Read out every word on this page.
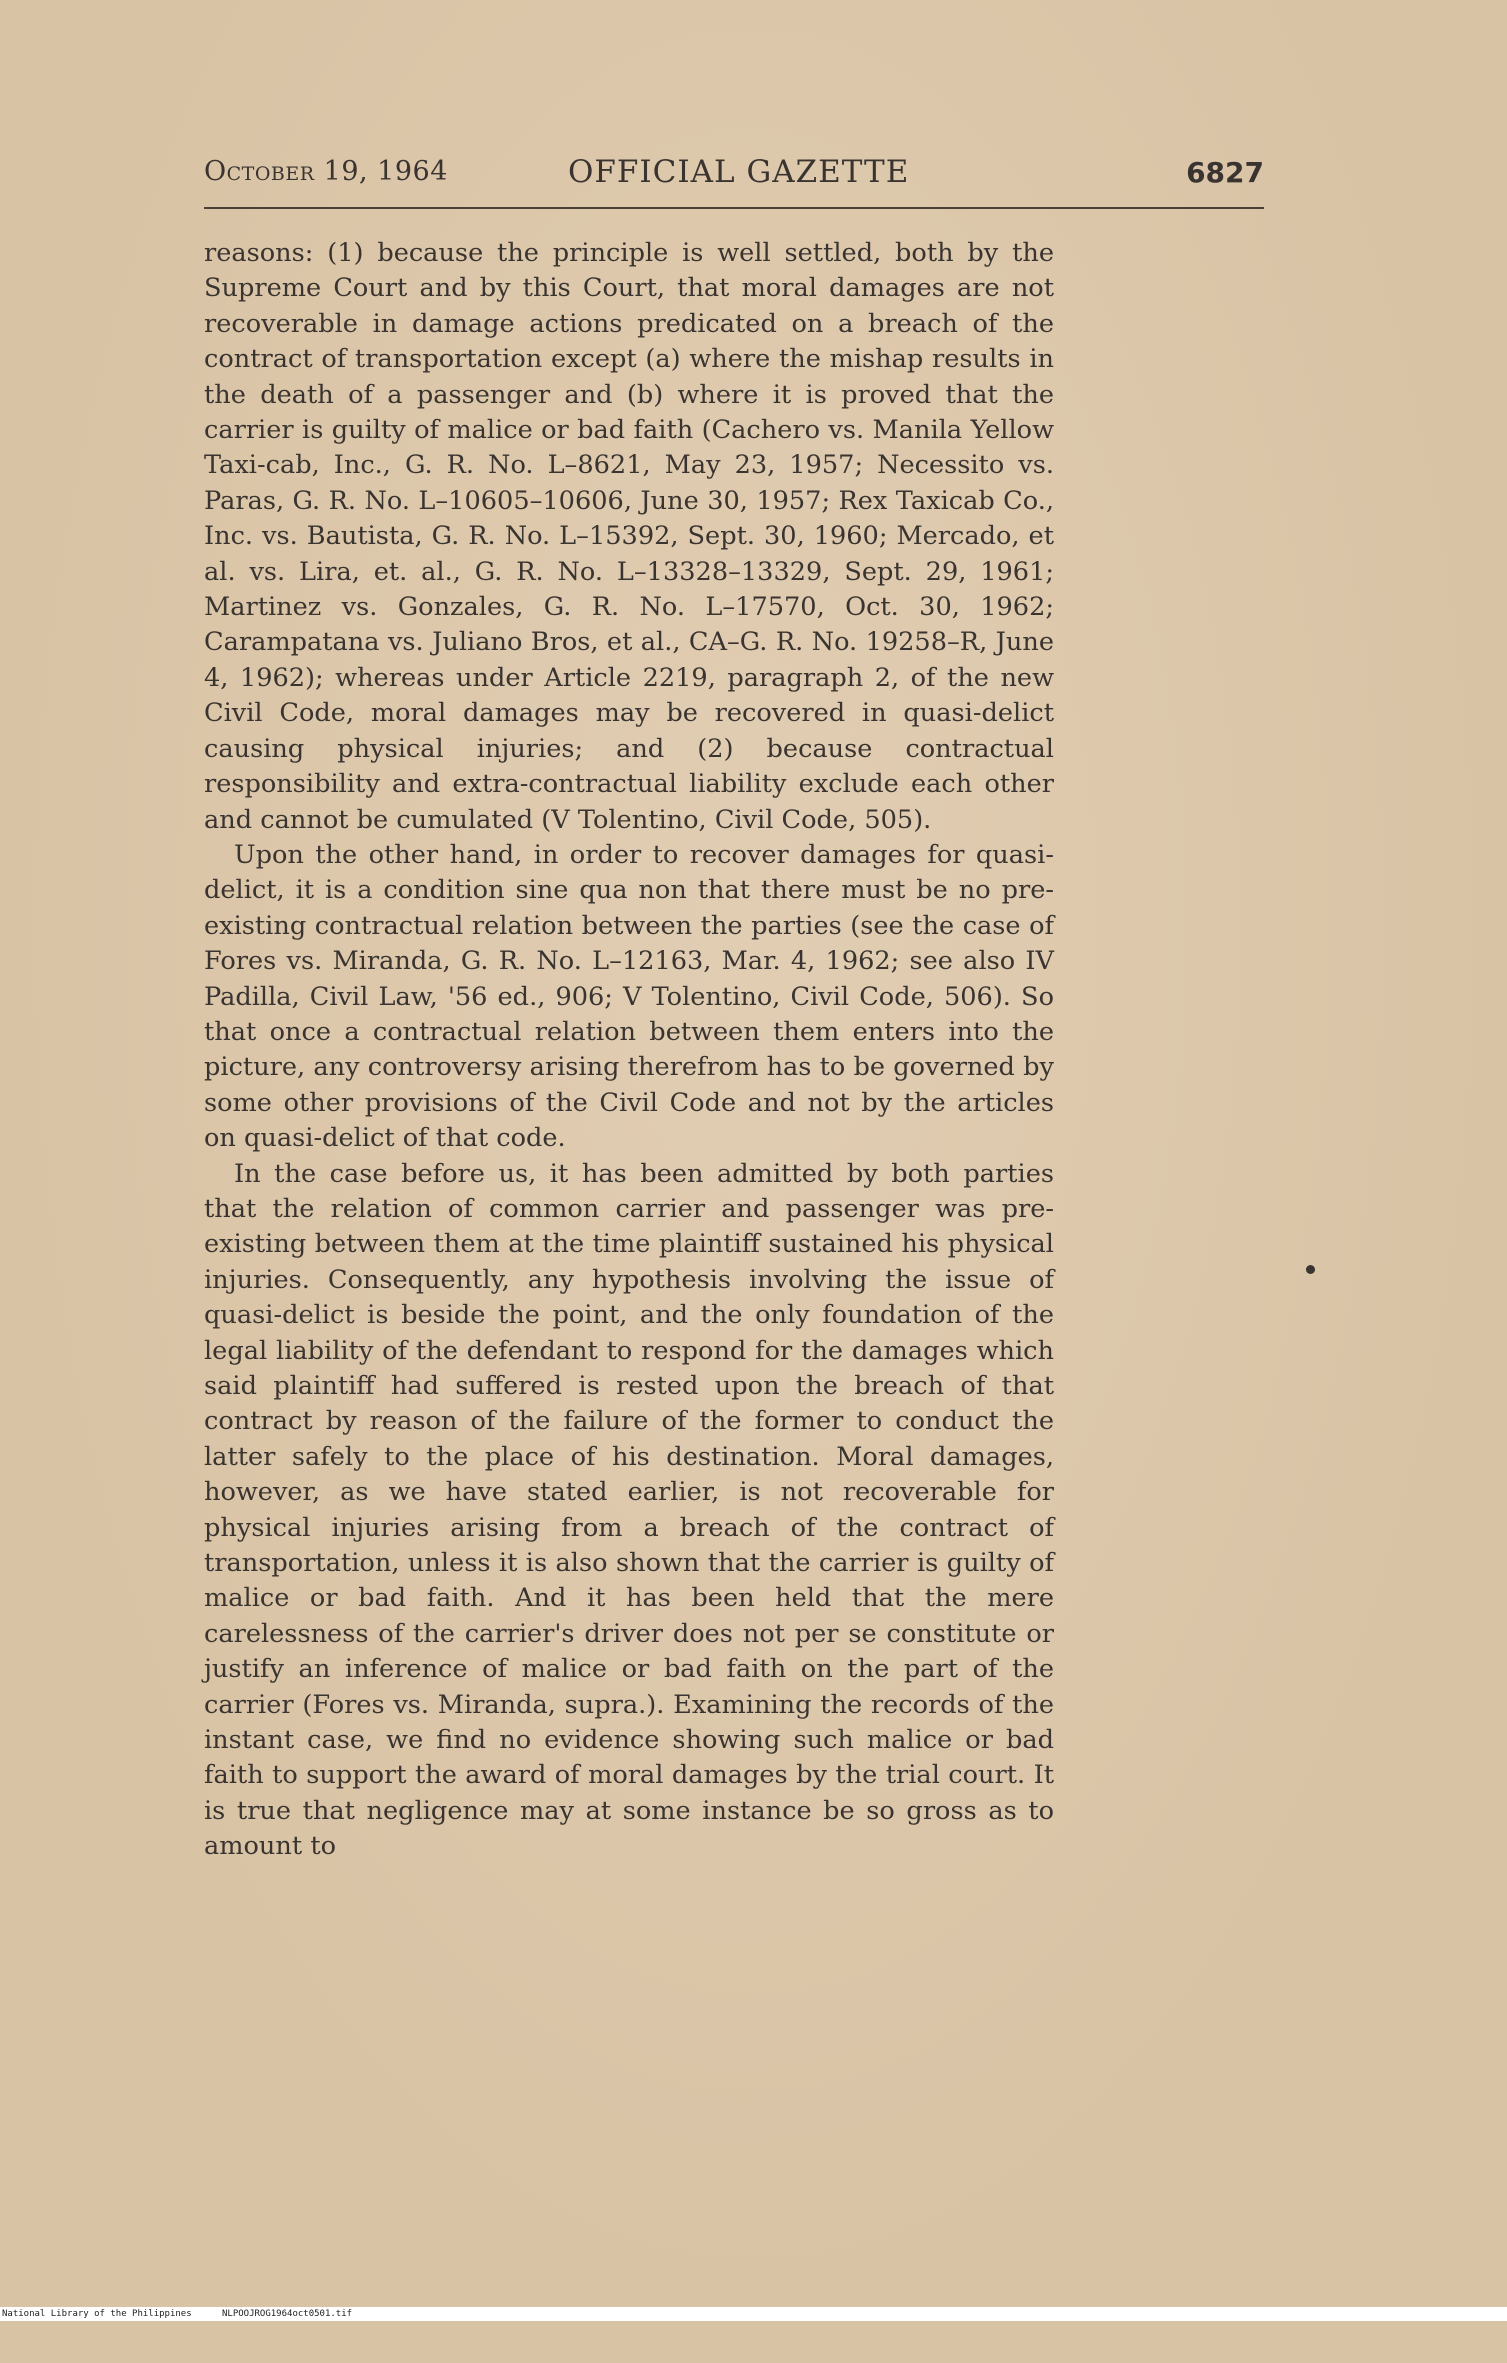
October 19, 1964	OFFICIAL GAZETTE	6827

reasons: (1) because the principle is well settled, both by the Supreme Court and by this Court, that moral damages are not recoverable in damage actions predicated on a breach of the contract of transportation except (a) where the mishap results in the death of a passenger and (b) where it is proved that the carrier is guilty of malice or bad faith (Cachero vs. Manila Yellow Taxi-cab, Inc., G. R. No. L–8621, May 23, 1957; Necessito vs. Paras, G. R. No. L–10605–10606, June 30, 1957; Rex Taxicab Co., Inc. vs. Bautista, G. R. No. L–15392, Sept. 30, 1960; Mercado, et al. vs. Lira, et. al., G. R. No. L–13328–13329, Sept. 29, 1961; Martinez vs. Gonzales, G. R. No. L–17570, Oct. 30, 1962; Carampatana vs. Juliano Bros, et al., CA–G. R. No. 19258–R, June 4, 1962); whereas under Article 2219, paragraph 2, of the new Civil Code, moral damages may be recovered in quasi-delict causing physical injuries; and (2) because contractual responsibility and extra-contractual liability exclude each other and cannot be cumulated (V Tolentino, Civil Code, 505).

Upon the other hand, in order to recover damages for quasi-delict, it is a condition sine qua non that there must be no pre-existing contractual relation between the parties (see the case of Fores vs. Miranda, G. R. No. L–12163, Mar. 4, 1962; see also IV Padilla, Civil Law, '56 ed., 906; V Tolentino, Civil Code, 506). So that once a contractual relation between them enters into the picture, any controversy arising therefrom has to be governed by some other provisions of the Civil Code and not by the articles on quasi-delict of that code.

In the case before us, it has been admitted by both parties that the relation of common carrier and passenger was pre-existing between them at the time plaintiff sustained his physical injuries. Consequently, any hypothesis involving the issue of quasi-delict is beside the point, and the only foundation of the legal liability of the defendant to respond for the damages which said plaintiff had suffered is rested upon the breach of that contract by reason of the failure of the former to conduct the latter safely to the place of his destination. Moral damages, however, as we have stated earlier, is not recoverable for physical injuries arising from a breach of the contract of transportation, unless it is also shown that the carrier is guilty of malice or bad faith. And it has been held that the mere carelessness of the carrier's driver does not per se constitute or justify an inference of malice or bad faith on the part of the carrier (Fores vs. Miranda, supra.). Examining the records of the instant case, we find no evidence showing such malice or bad faith to support the award of moral damages by the trial court. It is true that negligence may at some instance be so gross as to amount to

National Library of the Philippines

	NLPOOJROG1964oct0501.tif
